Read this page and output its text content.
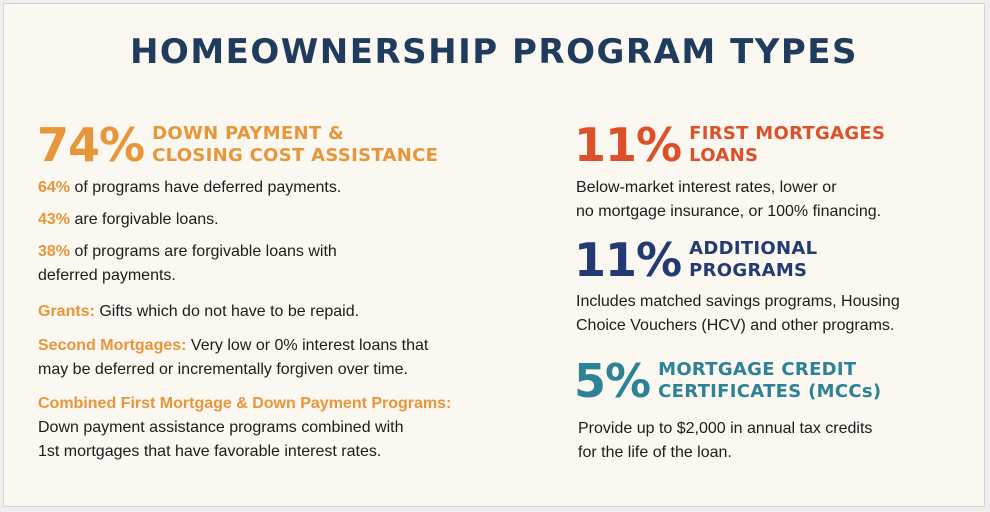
HOMEOWNERSHIP PROGRAM TYPES
74% DOWN PAYMENT &
CLOSING COST ASSISTANCE
64% of programs have deferred payments.
43% are forgivable loans.
38% of programs are forgivable loans with
deferred payments.
Grants: Gifts which do not have to be repaid.
Second Mortgages: Very low or 0% interest loans that
may be deferred or incrementally forgiven over time.
Combined First Mortgage & Down Payment Programs:
Down payment assistance programs combined with
1st mortgages that have favorable interest rates.
11% FIRST MORTGAGES
LOANS
Below-market interest rates, lower or
no mortgage insurance, or 100% financing.
11% ADDITIONAL
PROGRAMS
Includes matched savings programs, Housing
Choice Vouchers (HCV) and other programs.
5% MORTGAGE CREDIT
CERTIFICATES (MCCs)
Provide up to $2,000 in annual tax credits
for the life of the loan.
